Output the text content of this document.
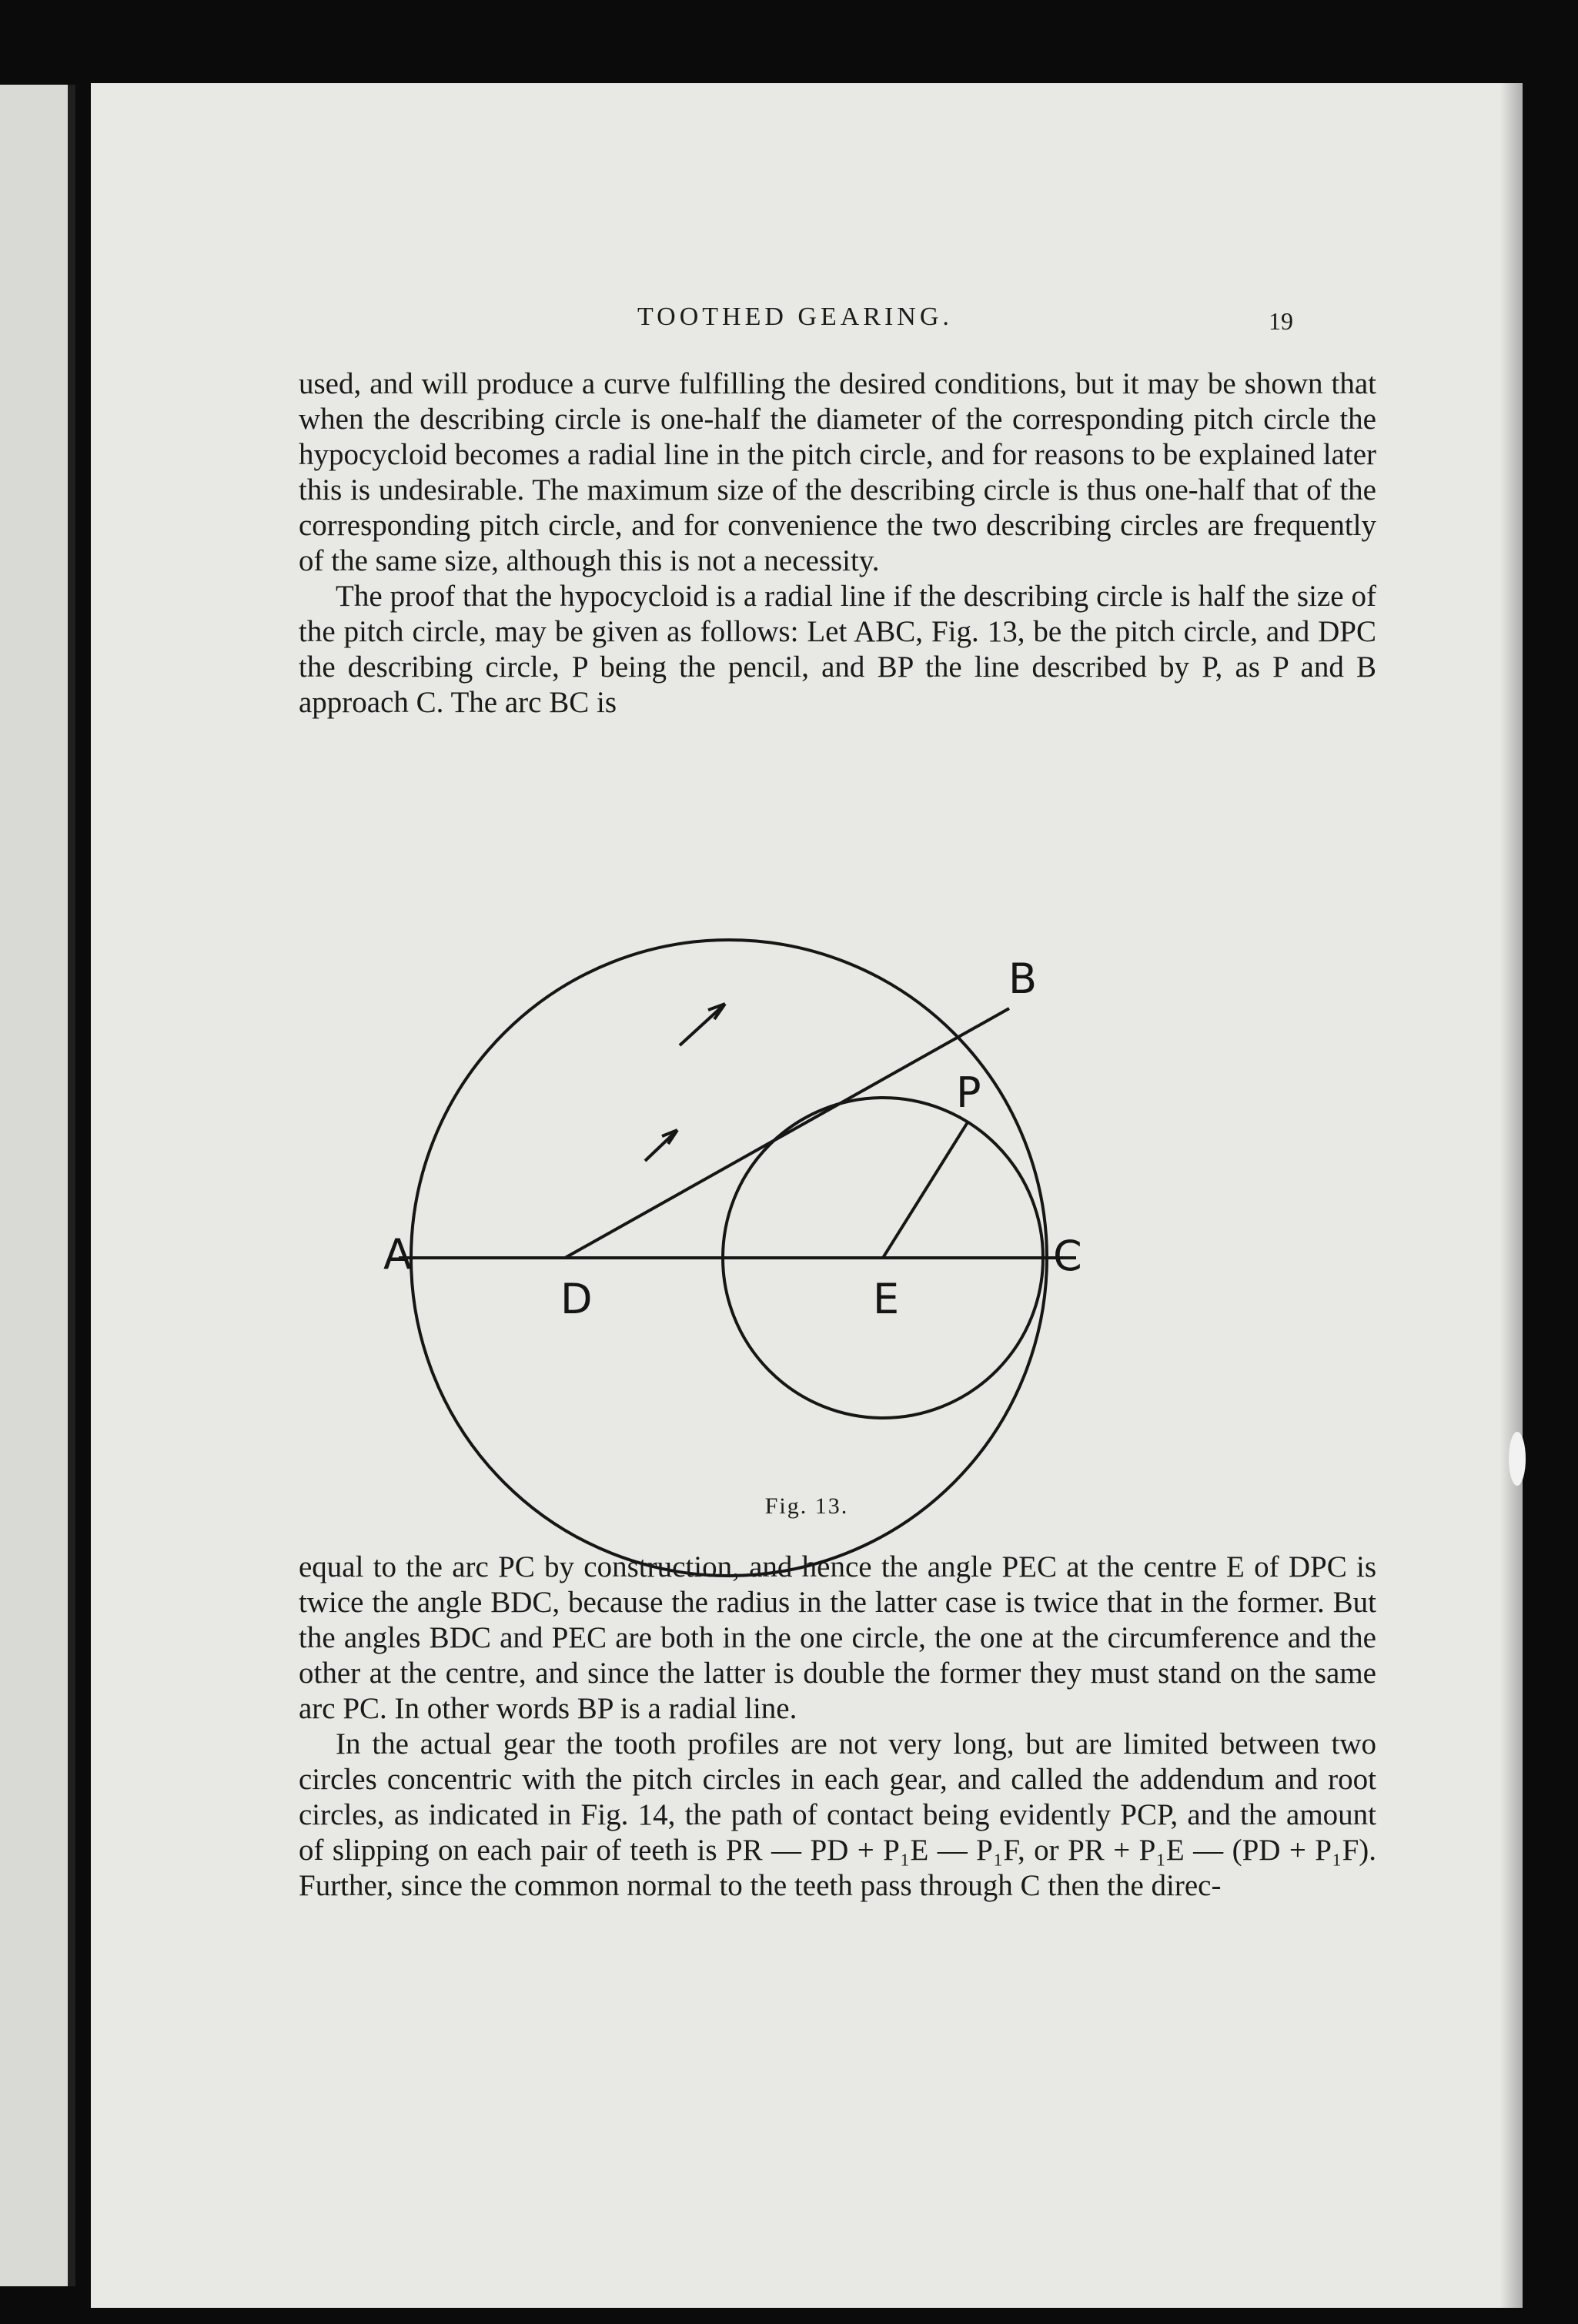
TOOTHED GEARING.	19

used, and will produce a curve fulfilling the desired conditions, but it may be shown that when the describing circle is one-half the diameter of the corresponding pitch circle the hypocycloid becomes a radial line in the pitch circle, and for reasons to be explained later this is undesirable. The maximum size of the describing circle is thus one-half that of the corresponding pitch circle, and for convenience the two describing circles are frequently of the same size, although this is not a necessity.

The proof that the hypocycloid is a radial line if the describing circle is half the size of the pitch circle, may be given as follows: Let ABC, Fig. 13, be the pitch circle, and DPC the describing circle, P being the pencil, and BP the line described by P, as P and B approach C. The arc BC is

A
B
C
D	E
P
Fig. 13.

equal to the arc PC by construction, and hence the angle PEC at the centre E of DPC is twice the angle BDC, because the radius in the latter case is twice that in the former. But the angles BDC and PEC are both in the one circle, the one at the circumference and the other at the centre, and since the latter is double the former they must stand on the same arc PC. In other words BP is a radial line.

In the actual gear the tooth profiles are not very long, but are limited between two circles concentric with the pitch circles in each gear, and called the addendum and root circles, as indicated in Fig. 14, the path of contact being evidently PCP, and the amount of slipping on each pair of teeth is PR — PD + P₁E — P₁F, or PR + P₁E — (PD + P₁F). Further, since the common normal to the teeth pass through C then the direc-
